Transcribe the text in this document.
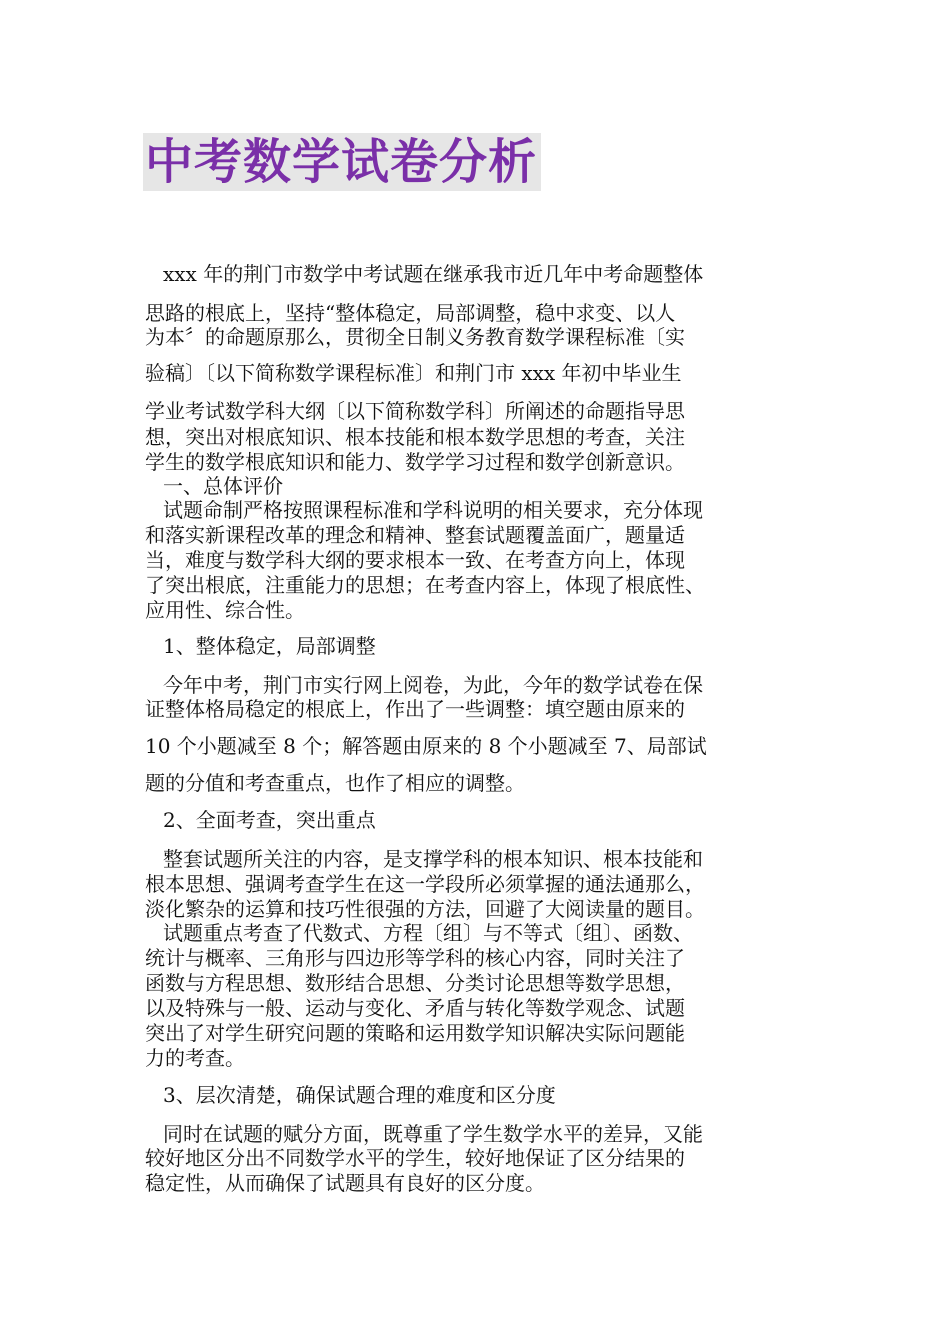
中考数学试卷分析
xxx 年的荆门市数学中考试题在继承我市近几年中考命题整体
思路的根底上，坚持“整体稳定，局部调整，稳中求变、以人
为本〞的命题原那么，贯彻全日制义务教育数学课程标准〔实
验稿〕〔以下简称数学课程标准〕和荆门市 xxx 年初中毕业生
学业考试数学科大纲〔以下简称数学科〕所阐述的命题指导思
想，突出对根底知识、根本技能和根本数学思想的考查，关注
学生的数学根底知识和能力、数学学习过程和数学创新意识。
一、总体评价
试题命制严格按照课程标准和学科说明的相关要求，充分体现
和落实新课程改革的理念和精神、整套试题覆盖面广，题量适
当，难度与数学科大纲的要求根本一致、在考查方向上，体现
了突出根底，注重能力的思想；在考查内容上，体现了根底性、
应用性、综合性。
1、整体稳定，局部调整
今年中考，荆门市实行网上阅卷，为此，今年的数学试卷在保
证整体格局稳定的根底上，作出了一些调整：填空题由原来的
10 个小题减至 8 个；解答题由原来的 8 个小题减至 7、局部试
题的分值和考查重点，也作了相应的调整。
2、全面考查，突出重点
整套试题所关注的内容，是支撑学科的根本知识、根本技能和
根本思想、强调考查学生在这一学段所必须掌握的通法通那么，
淡化繁杂的运算和技巧性很强的方法，回避了大阅读量的题目。
试题重点考查了代数式、方程〔组〕与不等式〔组〕、函数、
统计与概率、三角形与四边形等学科的核心内容，同时关注了
函数与方程思想、数形结合思想、分类讨论思想等数学思想，
以及特殊与一般、运动与变化、矛盾与转化等数学观念、试题
突出了对学生研究问题的策略和运用数学知识解决实际问题能
力的考查。
3、层次清楚，确保试题合理的难度和区分度
同时在试题的赋分方面，既尊重了学生数学水平的差异，又能
较好地区分出不同数学水平的学生，较好地保证了区分结果的
稳定性，从而确保了试题具有良好的区分度。
